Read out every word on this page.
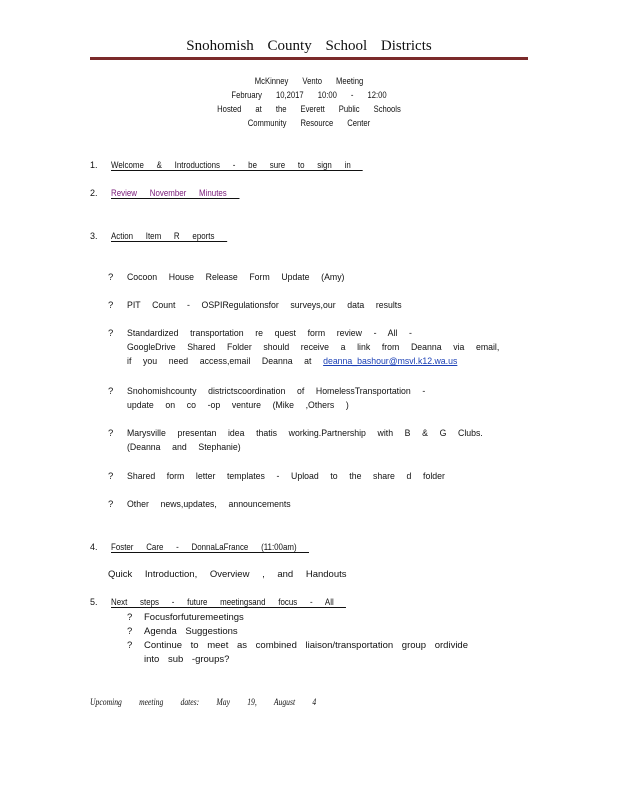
Snohomish County School Districts
McKinney Vento Meeting
February 10,2017 10:00 - 12:00
Hosted at the Everett Public Schools
Community Resource Center
1. Welcome & Introductions - be sure to sign in
2. Review November Minutes
3. Action Item R eports
? Cocoon House Release Form Update (Amy)
? PIT Count - OSPIRegulationsfor surveys,our data results
? Standardized transportation re quest form review - All -
GoogleDrive Shared Folder should receive a link from Deanna via email,
if you need access,email Deanna at deanna_bashour@msvl.k12.wa.us
? Snohomishcounty districtscoordination of HomelessTransportation -
update on co -op venture (Mike ,Others )
? Marysville presentan idea thatis working.Partnership with B & G Clubs.
(Deanna and Stephanie)
? Shared form letter templates - Upload to the share d folder
? Other news,updates, announcements
4. Foster Care - DonnaLaFrance (11:00am)
Quick Introduction, Overview , and Handouts
5. Next steps - future meetingsand focus - All
? Focusforfuturemeetings
? Agenda Suggestions
? Continue to meet as combined liaison/transportation group ordivide
into sub -groups?
Upcoming meeting dates: May 19, August 4
